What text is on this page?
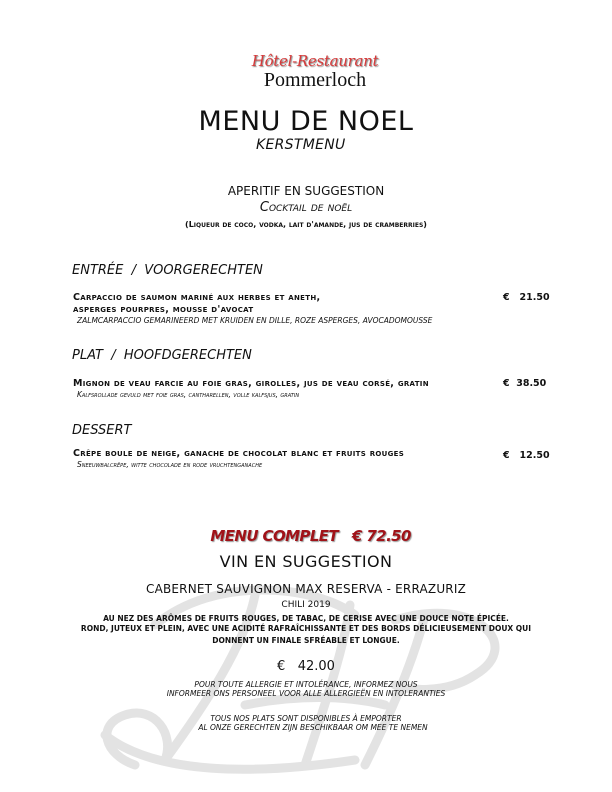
Hôtel-Restaurant
Pommerloch
MENU DE NOEL
KERSTMENU
APERITIF EN SUGGESTION
Cocktail de noël
(Liqueur de coco, vodka, lait d'amande, jus de cramberries)
ENTRÉE  /  VOORGERECHTEN
Carpaccio de saumon mariné aux herbes et aneth,
asperges pourpres, mousse d'avocat
ZALMCARPACCIO GEMARINEERD MET KRUIDEN EN DILLE, ROZE ASPERGES, AVOCADOMOUSSE
€   21.50
PLAT  /  HOOFDGERECHTEN
Mignon de veau farcie au foie gras, girolles, jus de veau corsé, gratin
Kalfsrollade gevuld met foie gras, cantharellen, volle kalfsjus, gratin
€  38.50
DESSERT
Crêpe boule de neige, ganache de chocolat blanc et fruits rouges
Sneeuwbalcrêpe, witte chocolade en rode vruchtenganache
€   12.50

MENU COMPLET € 72.50

VIN EN SUGGESTION
CABERNET SAUVIGNON MAX RESERVA - ERRAZURIZ
CHILI 2019
AU NEZ DES ARÔMES DE FRUITS ROUGES, DE TABAC, DE CERISE AVEC UNE DOUCE NOTE ÉPICÉE.
ROND, JUTEUX ET PLEIN, AVEC UNE ACIDITÉ RAFRAÎCHISSANTE ET DES BORDS DÉLICIEUSEMENT DOUX QUI
DONNENT UN FINALE SFRÉABLE ET LONGUE.
€   42.00
POUR TOUTE ALLERGIE ET INTOLÉRANCE, INFORMEZ NOUS
INFORMEER ONS PERSONEEL VOOR ALLE ALLERGIEËN EN INTOLERANTIES
TOUS NOS PLATS SONT DISPONIBLES À EMPORTER
AL ONZE GERECHTEN ZIJN BESCHIKBAAR OM MEE TE NEMEN
